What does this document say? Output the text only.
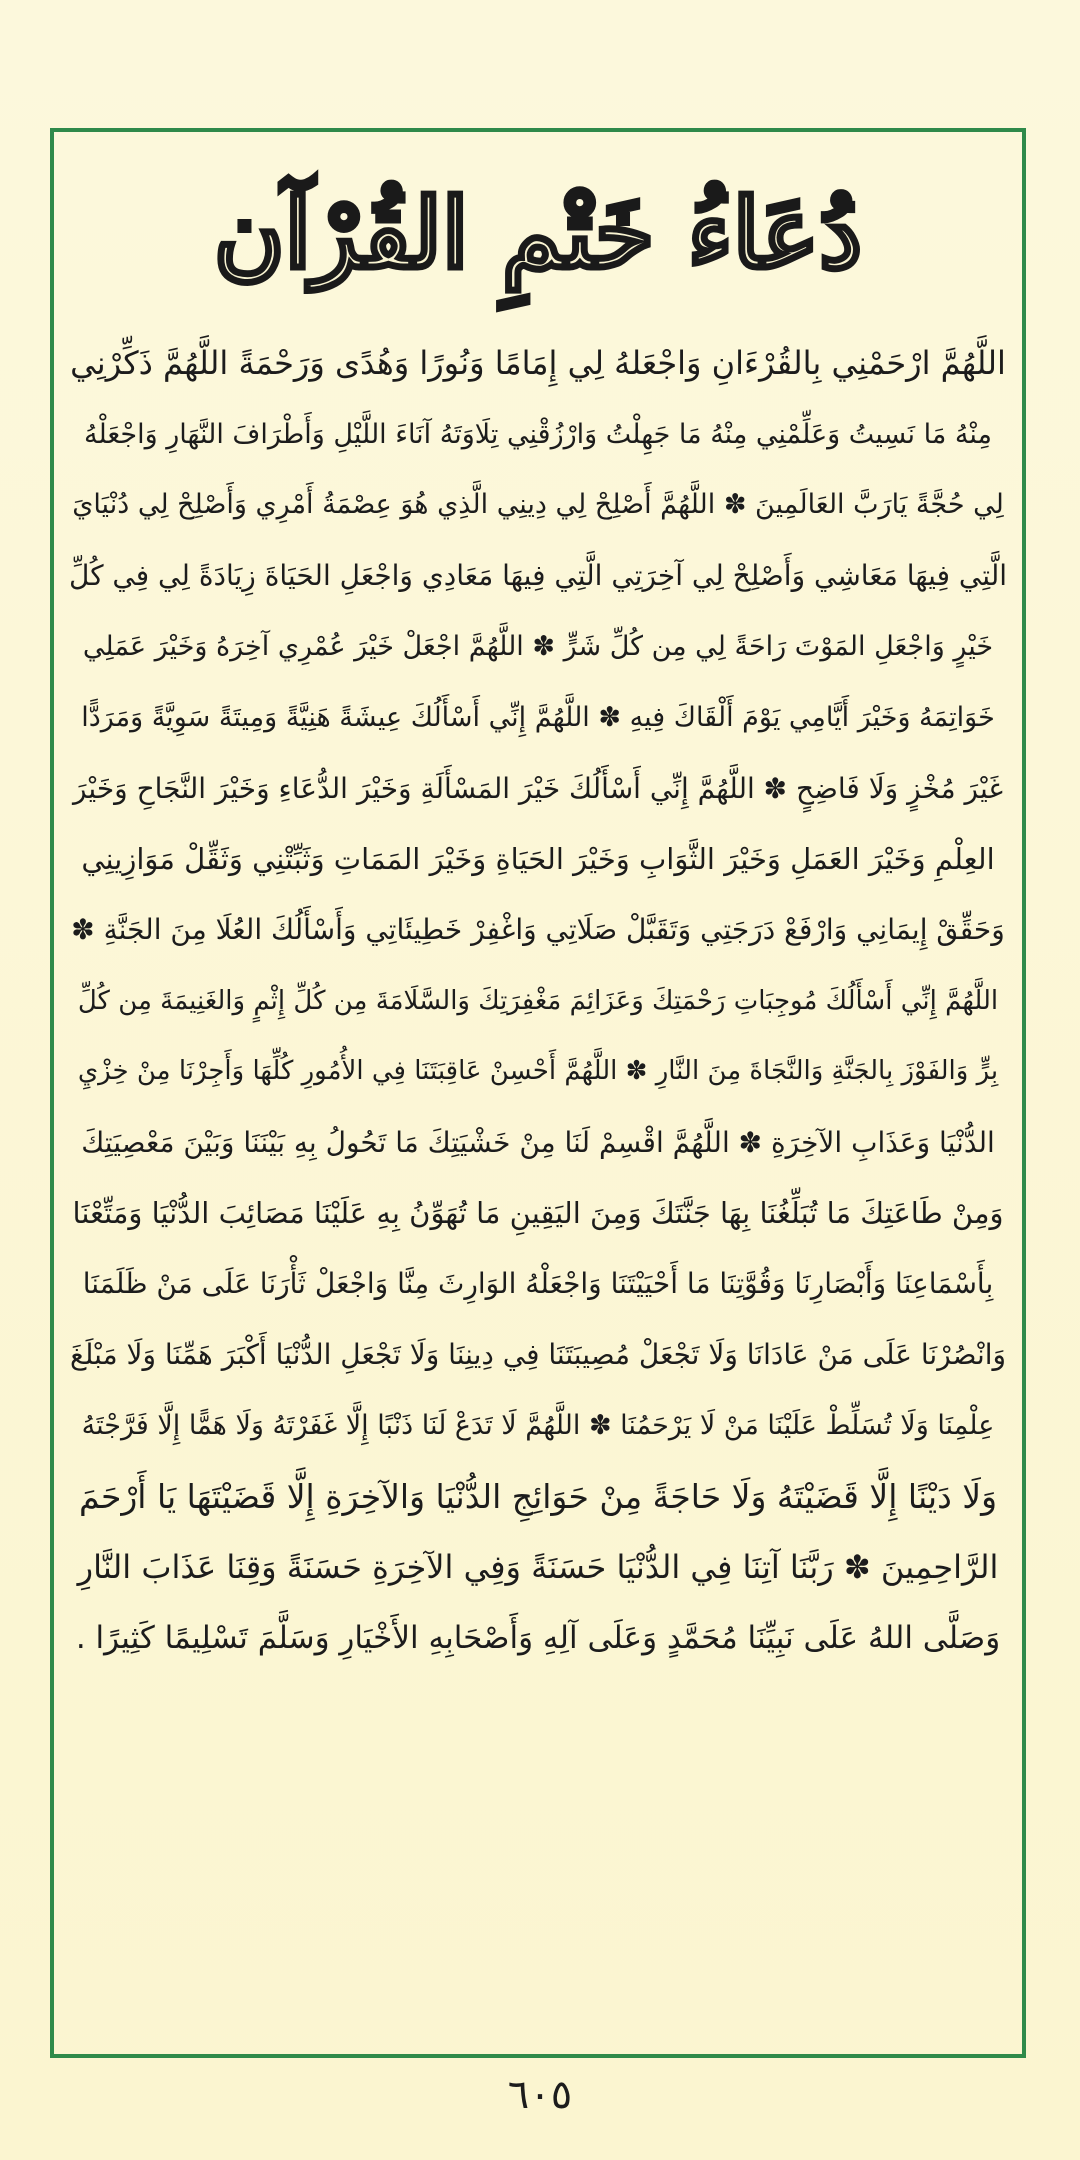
دُعَاءُ خَتْمِ القُرْآن
اللَّهُمَّ ارْحَمْنِي بِالقُرْءَانِ وَاجْعَلهُ لِي إِمَامًا وَنُورًا وَهُدًى وَرَحْمَةً اللَّهُمَّ ذَكِّرْنِي
مِنْهُ مَا نَسِيتُ وَعَلِّمْنِي مِنْهُ مَا جَهِلْتُ وَارْزُقْنِي تِلَاوَتَهُ آنَاءَ اللَّيْلِ وَأَطْرَافَ النَّهَارِ وَاجْعَلْهُ
لِي حُجَّةً يَارَبَّ العَالَمِينَ ✽ اللَّهُمَّ أَصْلِحْ لِي دِينِي الَّذِي هُوَ عِصْمَةُ أَمْرِي وَأَصْلِحْ لِي دُنْيَايَ
الَّتِي فِيهَا مَعَاشِي وَأَصْلِحْ لِي آخِرَتِي الَّتِي فِيهَا مَعَادِي وَاجْعَلِ الحَيَاةَ زِيَادَةً لِي فِي كُلِّ
خَيْرٍ وَاجْعَلِ المَوْتَ رَاحَةً لِي مِن كُلِّ شَرٍّ ✽ اللَّهُمَّ اجْعَلْ خَيْرَ عُمْرِي آخِرَهُ وَخَيْرَ عَمَلِي
خَوَاتِمَهُ وَخَيْرَ أَيَّامِي يَوْمَ أَلْقَاكَ فِيهِ ✽ اللَّهُمَّ إِنِّي أَسْأَلُكَ عِيشَةً هَنِيَّةً وَمِيتَةً سَوِيَّةً وَمَرَدًّا
غَيْرَ مُخْزٍ وَلَا فَاضِحٍ ✽ اللَّهُمَّ إِنِّي أَسْأَلُكَ خَيْرَ المَسْأَلَةِ وَخَيْرَ الدُّعَاءِ وَخَيْرَ النَّجَاحِ وَخَيْرَ
العِلْمِ وَخَيْرَ العَمَلِ وَخَيْرَ الثَّوَابِ وَخَيْرَ الحَيَاةِ وَخَيْرَ المَمَاتِ وَثَبِّتْنِي وَثَقِّلْ مَوَازِينِي
وَحَقِّقْ إِيمَانِي وَارْفَعْ دَرَجَتِي وَتَقَبَّلْ صَلَاتِي وَاغْفِرْ خَطِيئَاتِي وَأَسْأَلُكَ العُلَا مِنَ الجَنَّةِ ✽
اللَّهُمَّ إِنِّي أَسْأَلُكَ مُوجِبَاتِ رَحْمَتِكَ وَعَزَائِمَ مَغْفِرَتِكَ وَالسَّلَامَةَ مِن كُلِّ إِثْمٍ وَالغَنِيمَةَ مِن كُلِّ
بِرٍّ وَالفَوْزَ بِالجَنَّةِ وَالنَّجَاةَ مِنَ النَّارِ ✽ اللَّهُمَّ أَحْسِنْ عَاقِبَتَنَا فِي الأُمُورِ كُلِّهَا وَأَجِرْنَا مِنْ خِزْيِ
الدُّنْيَا وَعَذَابِ الآخِرَةِ ✽ اللَّهُمَّ اقْسِمْ لَنَا مِنْ خَشْيَتِكَ مَا تَحُولُ بِهِ بَيْنَنَا وَبَيْنَ مَعْصِيَتِكَ
وَمِنْ طَاعَتِكَ مَا تُبَلِّغُنَا بِهَا جَنَّتَكَ وَمِنَ اليَقِينِ مَا تُهَوِّنُ بِهِ عَلَيْنَا مَصَائِبَ الدُّنْيَا وَمَتِّعْنَا
بِأَسْمَاعِنَا وَأَبْصَارِنَا وَقُوَّتِنَا مَا أَحْيَيْتَنَا وَاجْعَلْهُ الوَارِثَ مِنَّا وَاجْعَلْ ثَأْرَنَا عَلَى مَنْ ظَلَمَنَا
وَانْصُرْنَا عَلَى مَنْ عَادَانَا وَلَا تَجْعَلْ مُصِيبَتَنَا فِي دِينِنَا وَلَا تَجْعَلِ الدُّنْيَا أَكْبَرَ هَمِّنَا وَلَا مَبْلَغَ
عِلْمِنَا وَلَا تُسَلِّطْ عَلَيْنَا مَنْ لَا يَرْحَمُنَا ✽ اللَّهُمَّ لَا تَدَعْ لَنَا ذَنْبًا إِلَّا غَفَرْتَهُ وَلَا هَمًّا إِلَّا فَرَّجْتَهُ
وَلَا دَيْنًا إِلَّا قَضَيْتَهُ وَلَا حَاجَةً مِنْ حَوَائِجِ الدُّنْيَا وَالآخِرَةِ إِلَّا قَضَيْتَهَا يَا أَرْحَمَ
الرَّاحِمِينَ ✽ رَبَّنَا آتِنَا فِي الدُّنْيَا حَسَنَةً وَفِي الآخِرَةِ حَسَنَةً وَقِنَا عَذَابَ النَّارِ
وَصَلَّى اللهُ عَلَى نَبِيِّنَا مُحَمَّدٍ وَعَلَى آلِهِ وَأَصْحَابِهِ الأَخْيَارِ وَسَلَّمَ تَسْلِيمًا كَثِيرًا .
٦٠٥
